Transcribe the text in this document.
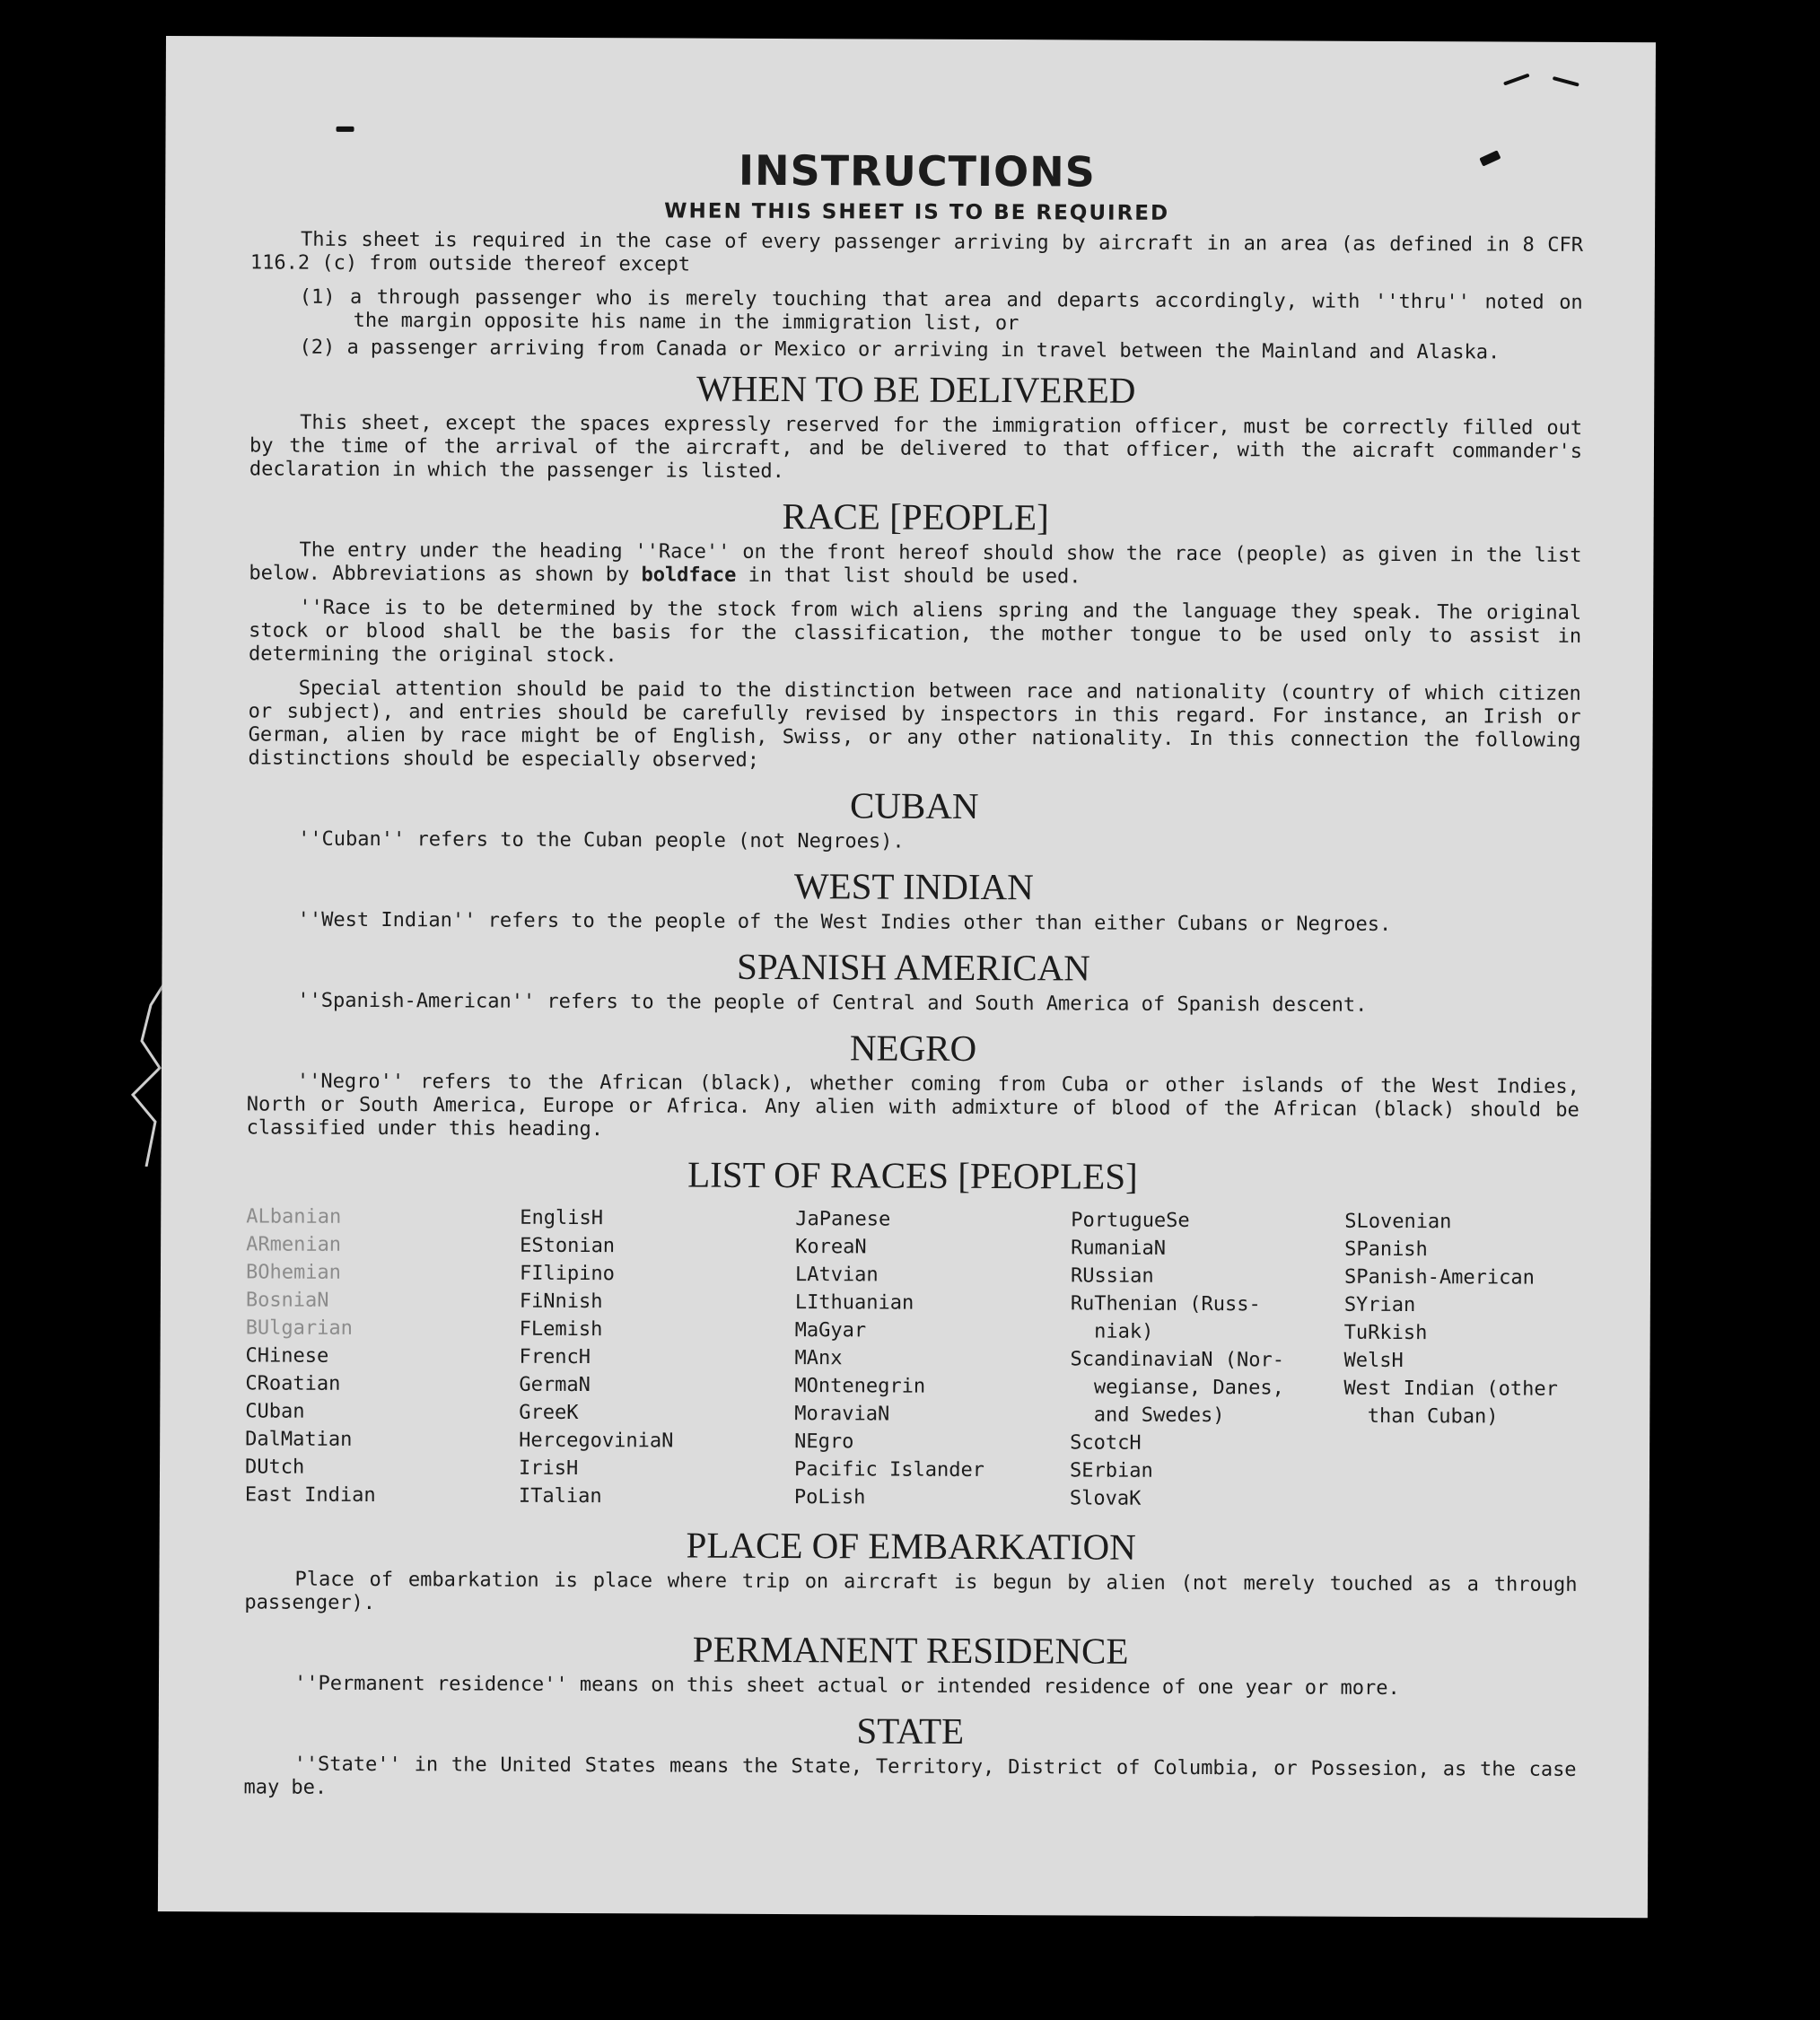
INSTRUCTIONS
WHEN THIS SHEET IS TO BE REQUIRED

This sheet is required in the case of every passenger arriving by aircraft in an area (as defined in 8 CFR 116.2 (c) from outside thereof except

(1) a through passenger who is merely touching that area and departs accordingly, with ''thru'' noted on the margin opposite his name in the immigration list, or
(2) a passenger arriving from Canada or Mexico or arriving in travel between the Mainland and Alaska.
WHEN TO BE DELIVERED

This sheet, except the spaces expressly reserved for the immigration officer, must be correctly filled out by the time of the arrival of the aircraft, and be delivered to that officer, with the aicraft commander's declaration in which the passenger is listed.

RACE [PEOPLE]

The entry under the heading ''Race'' on the front hereof should show the race (people) as given in the list below. Abbreviations as shown by boldface in that list should be used.

''Race is to be determined by the stock from wich aliens spring and the language they speak. The original stock or blood shall be the basis for the classification, the mother tongue to be used only to assist in determining the original stock.

Special attention should be paid to the distinction between race and nationality (country of which citizen or subject), and entries should be carefully revised by inspectors in this regard. For instance, an Irish or German, alien by race might be of English, Swiss, or any other nationality. In this connection the following distinctions should be especially observed;

CUBAN

''Cuban'' refers to the Cuban people (not Negroes).

WEST INDIAN

''West Indian'' refers to the people of the West Indies other than either Cubans or Negroes.

SPANISH AMERICAN

''Spanish-American'' refers to the people of Central and South America of Spanish descent.

NEGRO

''Negro'' refers to the African (black), whether coming from Cuba or other islands of the West Indies, North or South America, Europe or Africa. Any alien with admixture of blood of the African (black) should be classified under this heading.

LIST OF RACES [PEOPLES]
ALbanian
ARmenian
BOhemian
BosniaN
BUlgarian
CHinese
CRoatian
CUban
DalMatian
DUtch
East Indian
EnglisH
EStonian
FIlipino
FiNnish
FLemish
FrencH
GermaN
GreeK
HercegoviniaN
IrisH
ITalian
JaPanese
KoreaN
LAtvian
LIthuanian
MaGyar
MAnx
MOntenegrin
MoraviaN
NEgro
Pacific Islander
PoLish
PortugueSe
RumaniaN
RUssian
RuThenian (Russ-
niak)
ScandinaviaN (Nor-
wegianse, Danes,
and Swedes)
ScotcH
SErbian
SlovaK
SLovenian
SPanish
SPanish-American
SYrian
TuRkish
WelsH
West Indian (other
than Cuban)
PLACE OF EMBARKATION

Place of embarkation is place where trip on aircraft is begun by alien (not merely touched as a through passenger).

PERMANENT RESIDENCE

''Permanent residence'' means on this sheet actual or intended residence of one year or more.

STATE

''State'' in the United States means the State, Territory, District of Columbia, or Possesion, as the case may be.
